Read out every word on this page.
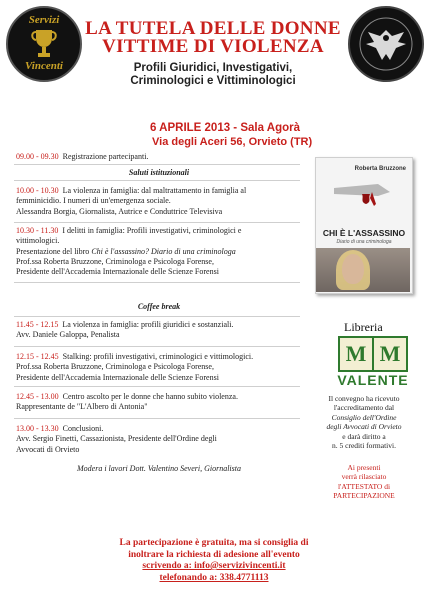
Servizi
Vincenti
LA TUTELA DELLE DONNE
VITTIME DI VIOLENZA
Profili Giuridici, Investigativi,
Criminologici e Vittiminologici
6 APRILE 2013 - Sala Agorà
Via degli Aceri 56, Orvieto (TR)
09.00 - 09.30 Registrazione partecipanti.
Saluti istituzionali
10.00 - 10.30 La violenza in famiglia: dal maltrattamento in famiglia al
femminicidio. I numeri di un'emergenza sociale.
Alessandra Borgia, Giornalista, Autrice e Conduttrice Televisiva
10.30 - 11.30 I delitti in famiglia: Profili investigativi, criminologici e
vittimologici.
Presentazione del libro Chi è l'assassino? Diario di una criminologa
Prof.ssa Roberta Bruzzone, Criminologa e Psicologa Forense,
Presidente dell'Accademia Internazionale delle Scienze Forensi
Coffee break
11.45 - 12.15 La violenza in famiglia: profili giuridici e sostanziali.
Avv. Daniele Galoppa, Penalista
12.15 - 12.45 Stalking: profili investigativi, criminologici e vittimologici.
Prof.ssa Roberta Bruzzone, Criminologa e Psicologa Forense,
Presidente dell'Accademia Internazionale delle Scienze Forensi
12.45 - 13.00 Centro ascolto per le donne che hanno subito violenza.
Rappresentante de "L'Albero di Antonia"
13.00 - 13.30 Conclusioni.
Avv. Sergio Finetti, Cassazionista, Presidente dell'Ordine degli
Avvocati di Orvieto
Modera i lavori Dott. Valentino Severi, Giornalista
Roberta Bruzzone
CHI È L'ASSASSINO
Diario di una criminologa
Libreria
M M
VALENTE
Il convegno ha ricevuto
l'accreditamento dal
Consiglio dell'Ordine
degli Avvocati di Orvieto
e darà diritto a
n. 5 crediti formativi.
Ai presenti
verrà rilasciato
l'ATTESTATO di
PARTECIPAZIONE
La partecipazione è gratuita, ma si consiglia di
inoltrare la richiesta di adesione all'evento
scrivendo a: info@servizivincenti.it
telefonando a: 338.4771113
